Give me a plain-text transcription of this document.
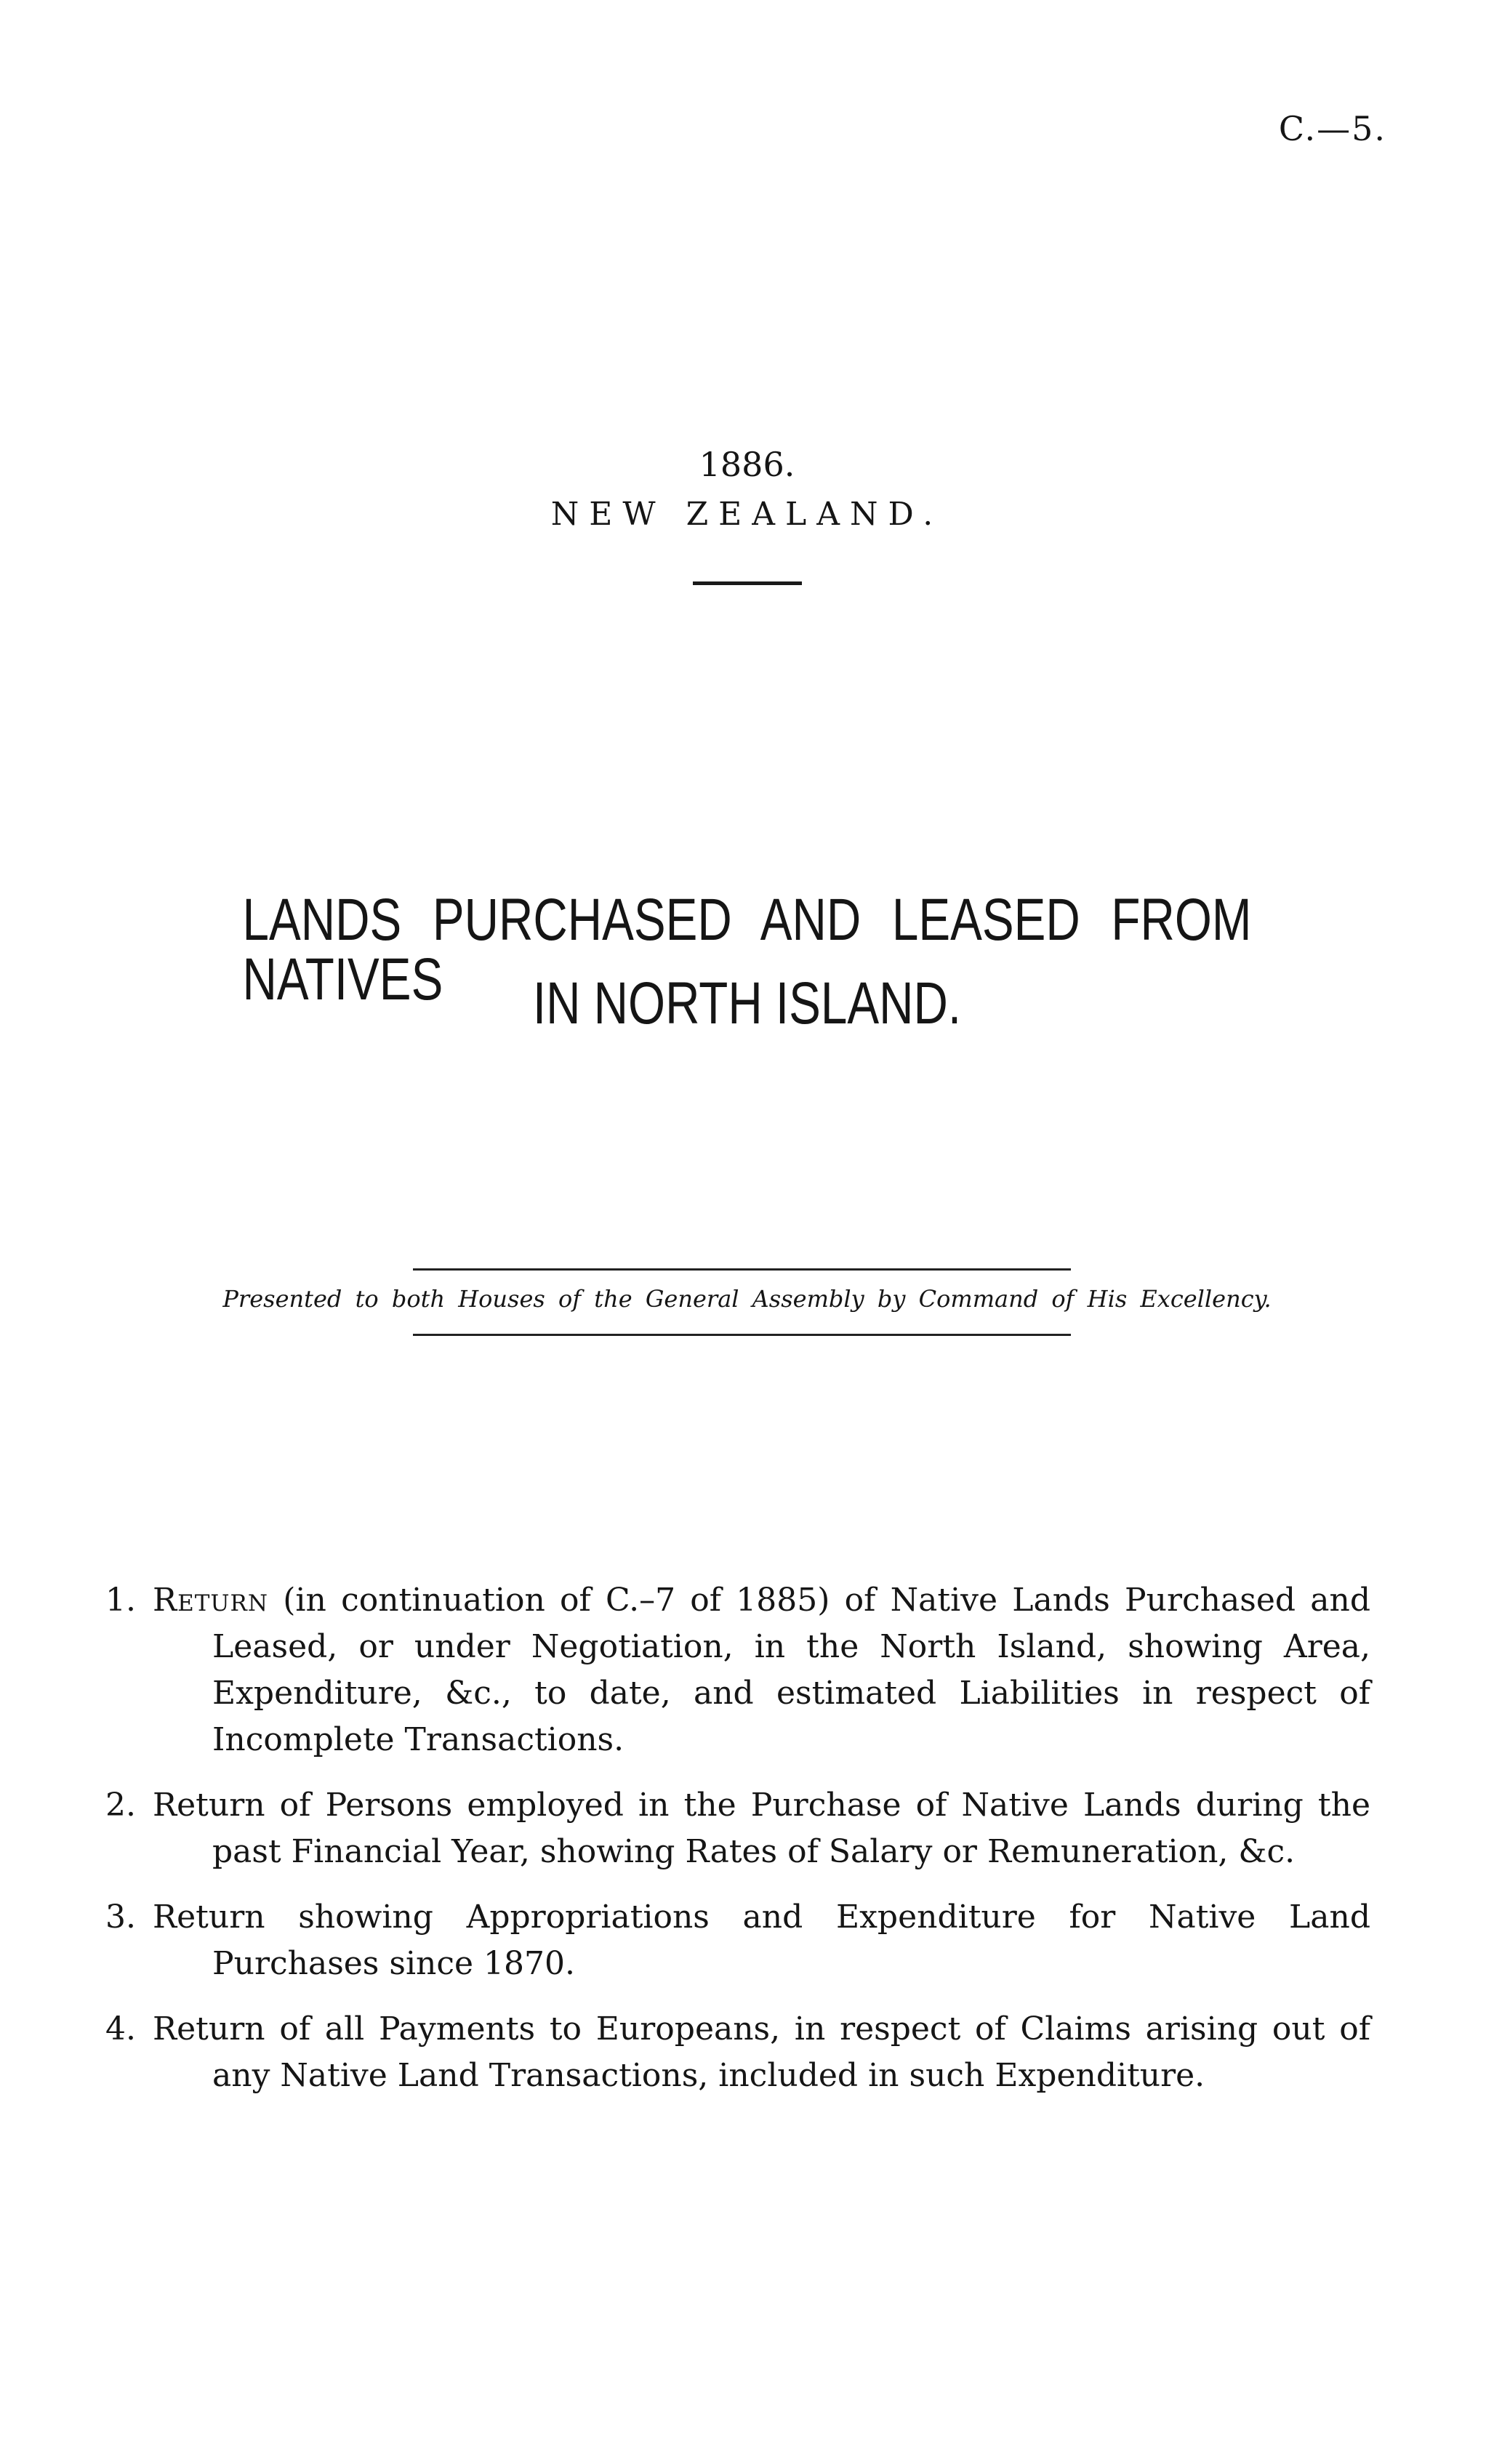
C.—5.

1886.

NEW ZEALAND.

LANDS PURCHASED AND LEASED FROM NATIVES	IN NORTH ISLAND.

Presented to both Houses of the General Assembly by Command of His Excellency.

1. Return (in continuation of C.–7 of 1885) of Native Lands Purchased and Leased, or under Negotiation, in the North Island, showing Area, Expenditure, &c., to date, and estimated Liabilities in respect of Incomplete Transactions.
2. Return of Persons employed in the Purchase of Native Lands during the past Financial Year, showing Rates of Salary or Remuneration, &c.
3. Return showing Appropriations and Expenditure for Native Land Purchases since 1870.
4. Return of all Payments to Europeans, in respect of Claims arising out of any Native Land Transactions, included in such Expenditure.
